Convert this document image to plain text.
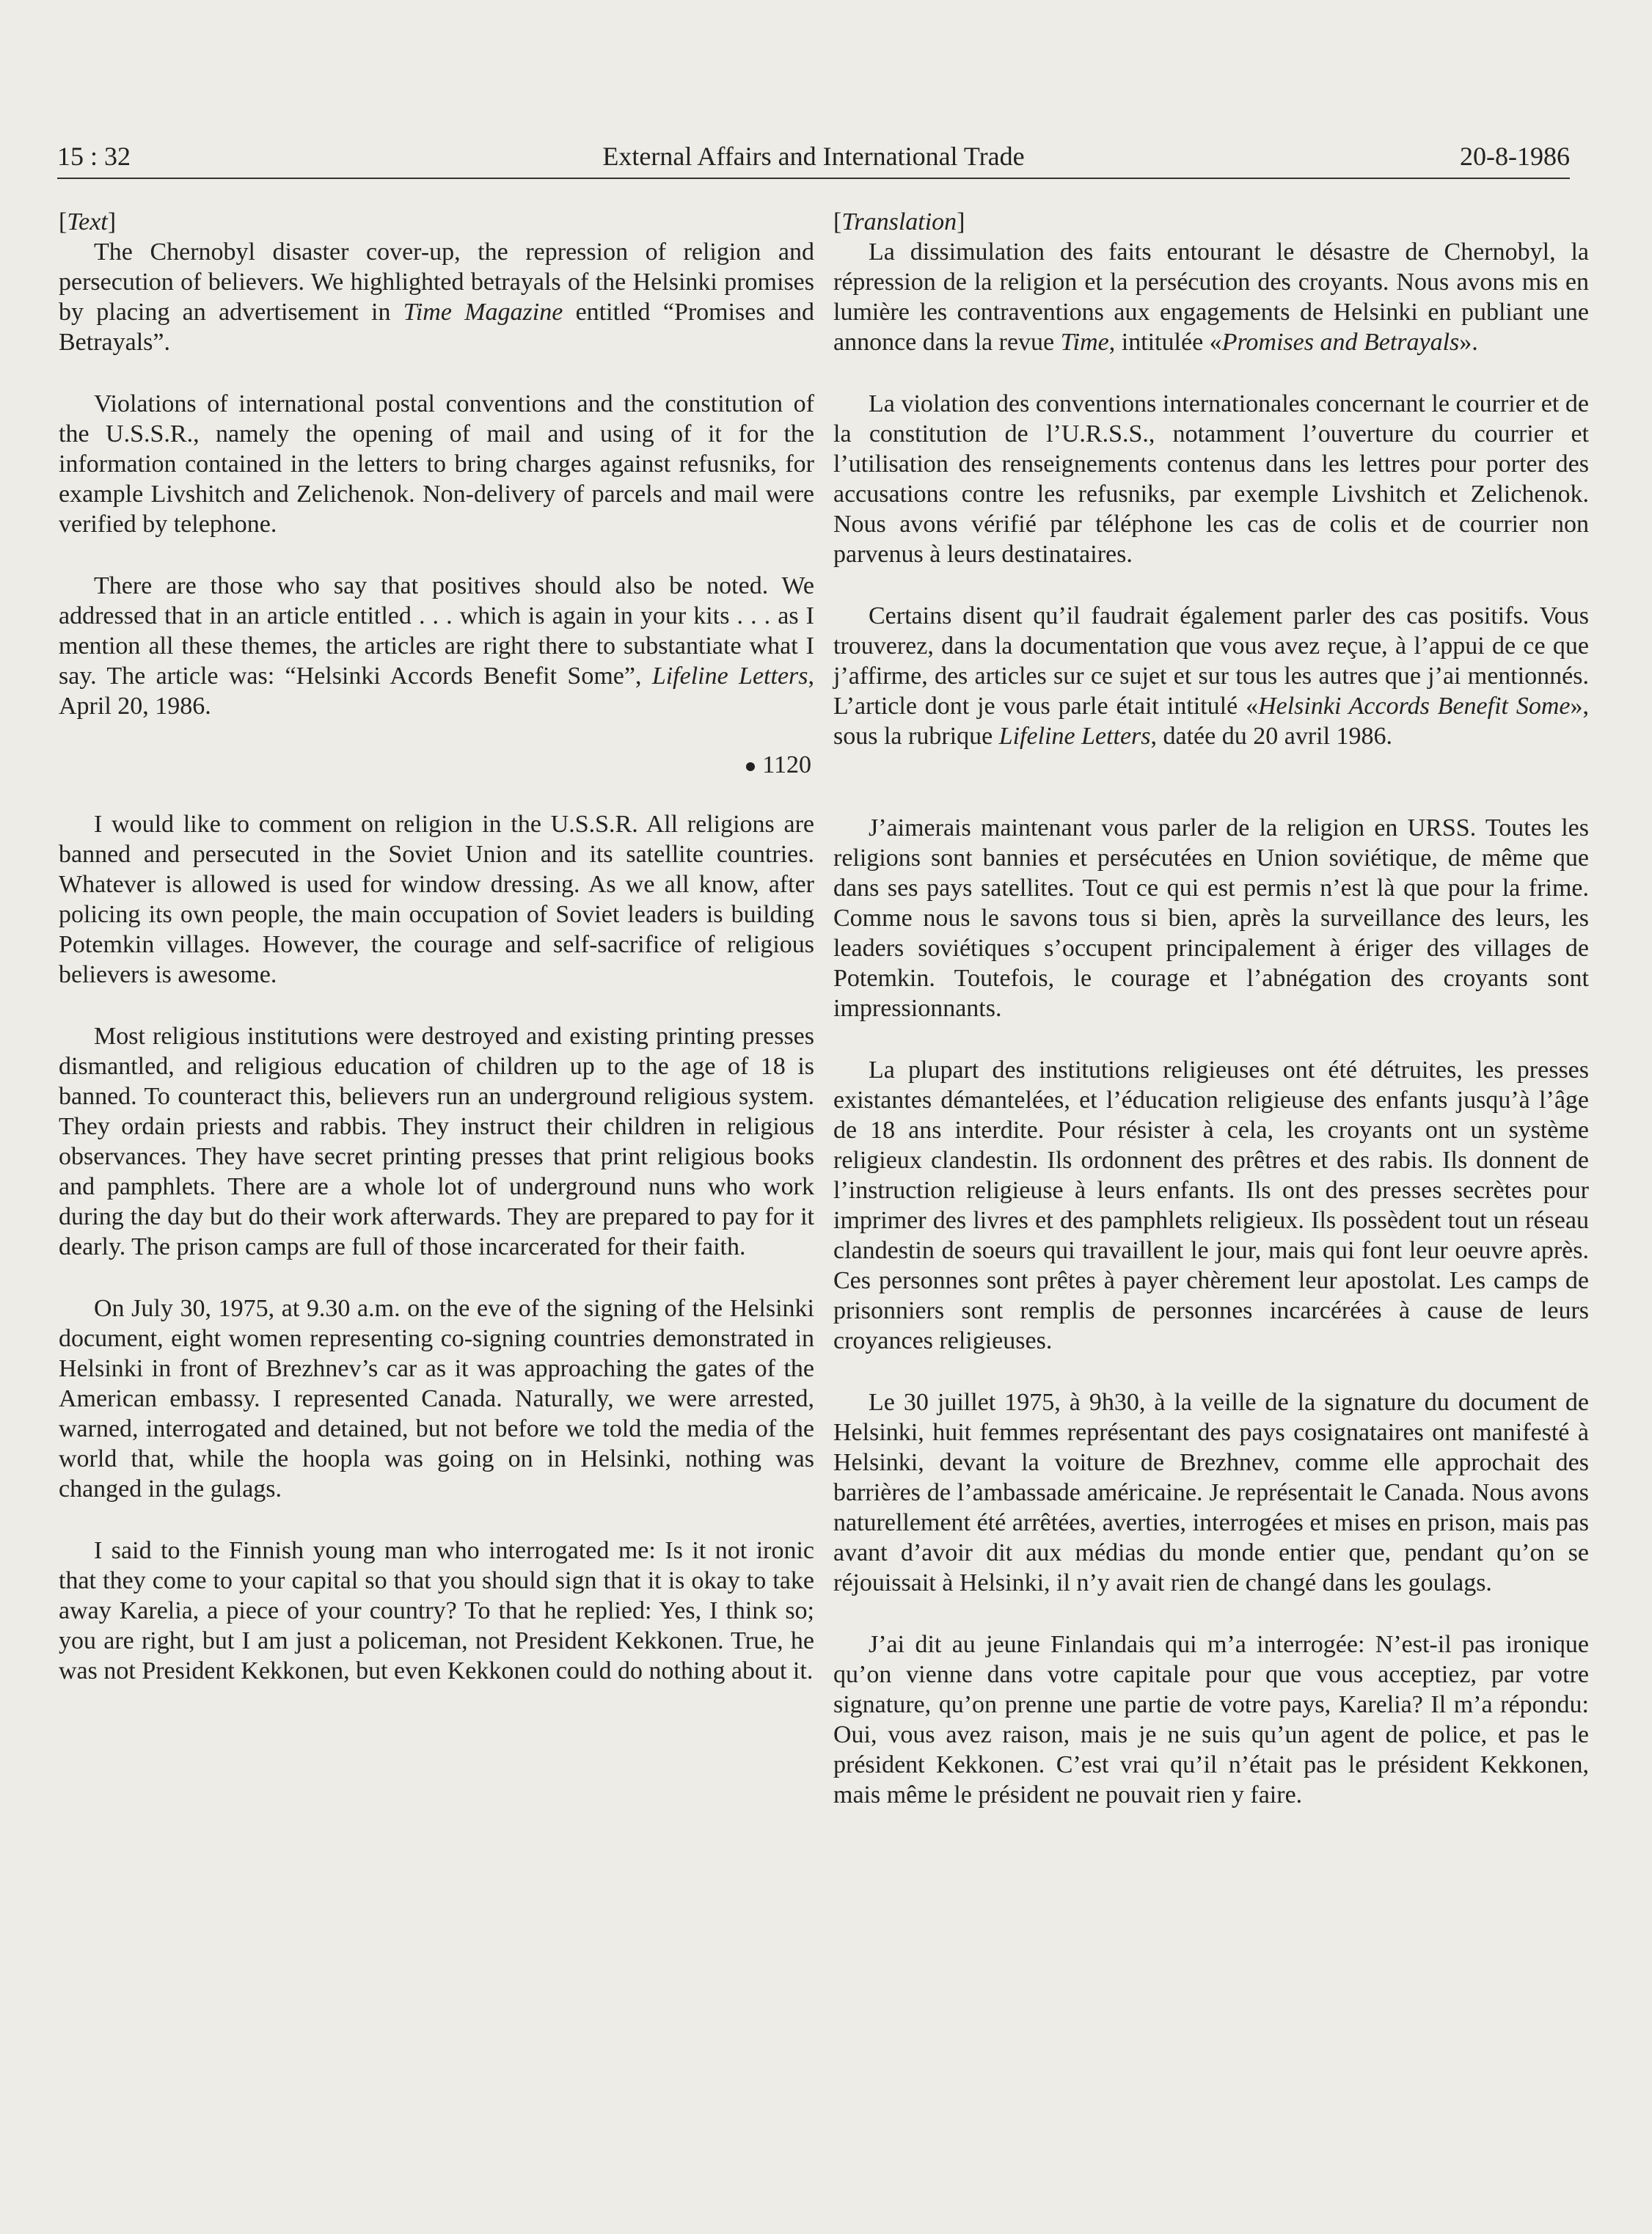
External Affairs and International Trade
15 : 32	20-8-1986

[ Text ]

The Chernobyl disaster cover-up, the repression of religion and persecution of believers. We highlighted betrayals of the Helsinki promises by placing an advertisement in Time Magazine entitled “Promises and Betrayals”.

Violations of international postal conventions and the constitution of the U.S.S.R., namely the opening of mail and using of it for the information contained in the letters to bring charges against refusniks, for example Livshitch and Zelichenok. Non-delivery of parcels and mail were verified by telephone.

There are those who say that positives should also be noted. We addressed that in an article entitled . . . which is again in your kits . . . as I mention all these themes, the articles are right there to substantiate what I say. The article was: “Helsinki Accords Benefit Some”, Lifeline Letters, April 20, 1986.

1120

I would like to comment on religion in the U.S.S.R. All religions are banned and persecuted in the Soviet Union and its satellite countries. Whatever is allowed is used for window dressing. As we all know, after policing its own people, the main occupation of Soviet leaders is building Potemkin villages. However, the courage and self-sacrifice of religious believers is awesome.

Most religious institutions were destroyed and existing printing presses dismantled, and religious education of children up to the age of 18 is banned. To counteract this, believers run an underground religious system. They ordain priests and rabbis. They instruct their children in religious observances. They have secret printing presses that print religious books and pamphlets. There are a whole lot of underground nuns who work during the day but do their work afterwards. They are prepared to pay for it dearly. The prison camps are full of those incarcerated for their faith.

On July 30, 1975, at 9.30 a.m. on the eve of the signing of the Helsinki document, eight women representing co-signing countries demonstrated in Helsinki in front of Brezhnev’s car as it was approaching the gates of the American embassy. I represented Canada. Naturally, we were arrested, warned, interrogated and detained, but not before we told the media of the world that, while the hoopla was going on in Helsinki, nothing was changed in the gulags.

I said to the Finnish young man who interrogated me: Is it not ironic that they come to your capital so that you should sign that it is okay to take away Karelia, a piece of your country? To that he replied: Yes, I think so; you are right, but I am just a policeman, not President Kekkonen. True, he was not President Kekkonen, but even Kekkonen could do nothing about it.

[ Translation ]

La dissimulation des faits entourant le désastre de Chernobyl, la répression de la religion et la persécution des croyants. Nous avons mis en lumière les contraventions aux engagements de Helsinki en publiant une annonce dans la revue Time, intitulée «Promises and Betrayals».

La violation des conventions internationales concernant le courrier et de la constitution de l’U.R.S.S., notamment l’ouverture du courrier et l’utilisation des renseignements contenus dans les lettres pour porter des accusations contre les refusniks, par exemple Livshitch et Zelichenok. Nous avons vérifié par téléphone les cas de colis et de courrier non parvenus à leurs destinataires.

Certains disent qu’il faudrait également parler des cas positifs. Vous trouverez, dans la documentation que vous avez reçue, à l’appui de ce que j’affirme, des articles sur ce sujet et sur tous les autres que j’ai mentionnés. L’article dont je vous parle était intitulé «Helsinki Accords Benefit Some», sous la rubrique Lifeline Letters, datée du 20 avril 1986.

J’aimerais maintenant vous parler de la religion en URSS. Toutes les religions sont bannies et persécutées en Union soviétique, de même que dans ses pays satellites. Tout ce qui est permis n’est là que pour la frime. Comme nous le savons tous si bien, après la surveillance des leurs, les leaders soviétiques s’occupent principalement à ériger des villages de Potemkin. Toutefois, le courage et l’abnégation des croyants sont impressionnants.

La plupart des institutions religieuses ont été détruites, les presses existantes démantelées, et l’éducation religieuse des enfants jusqu’à l’âge de 18 ans interdite. Pour résister à cela, les croyants ont un système religieux clandestin. Ils ordonnent des prêtres et des rabis. Ils donnent de l’instruction religieuse à leurs enfants. Ils ont des presses secrètes pour imprimer des livres et des pamphlets religieux. Ils possèdent tout un réseau clandestin de soeurs qui travaillent le jour, mais qui font leur oeuvre après. Ces personnes sont prêtes à payer chèrement leur apostolat. Les camps de prisonniers sont remplis de personnes incarcérées à cause de leurs croyances religieuses.

Le 30 juillet 1975, à 9h30, à la veille de la signature du document de Helsinki, huit femmes représentant des pays cosignataires ont manifesté à Helsinki, devant la voiture de Brezhnev, comme elle approchait des barrières de l’ambassade américaine. Je représentait le Canada. Nous avons naturellement été arrêtées, averties, interrogées et mises en prison, mais pas avant d’avoir dit aux médias du monde entier que, pendant qu’on se réjouissait à Helsinki, il n’y avait rien de changé dans les goulags.

J’ai dit au jeune Finlandais qui m’a interrogée: N’est-il pas ironique qu’on vienne dans votre capitale pour que vous acceptiez, par votre signature, qu’on prenne une partie de votre pays, Karelia? Il m’a répondu: Oui, vous avez raison, mais je ne suis qu’un agent de police, et pas le président Kekkonen. C’est vrai qu’il n’était pas le président Kekkonen, mais même le président ne pouvait rien y faire.
